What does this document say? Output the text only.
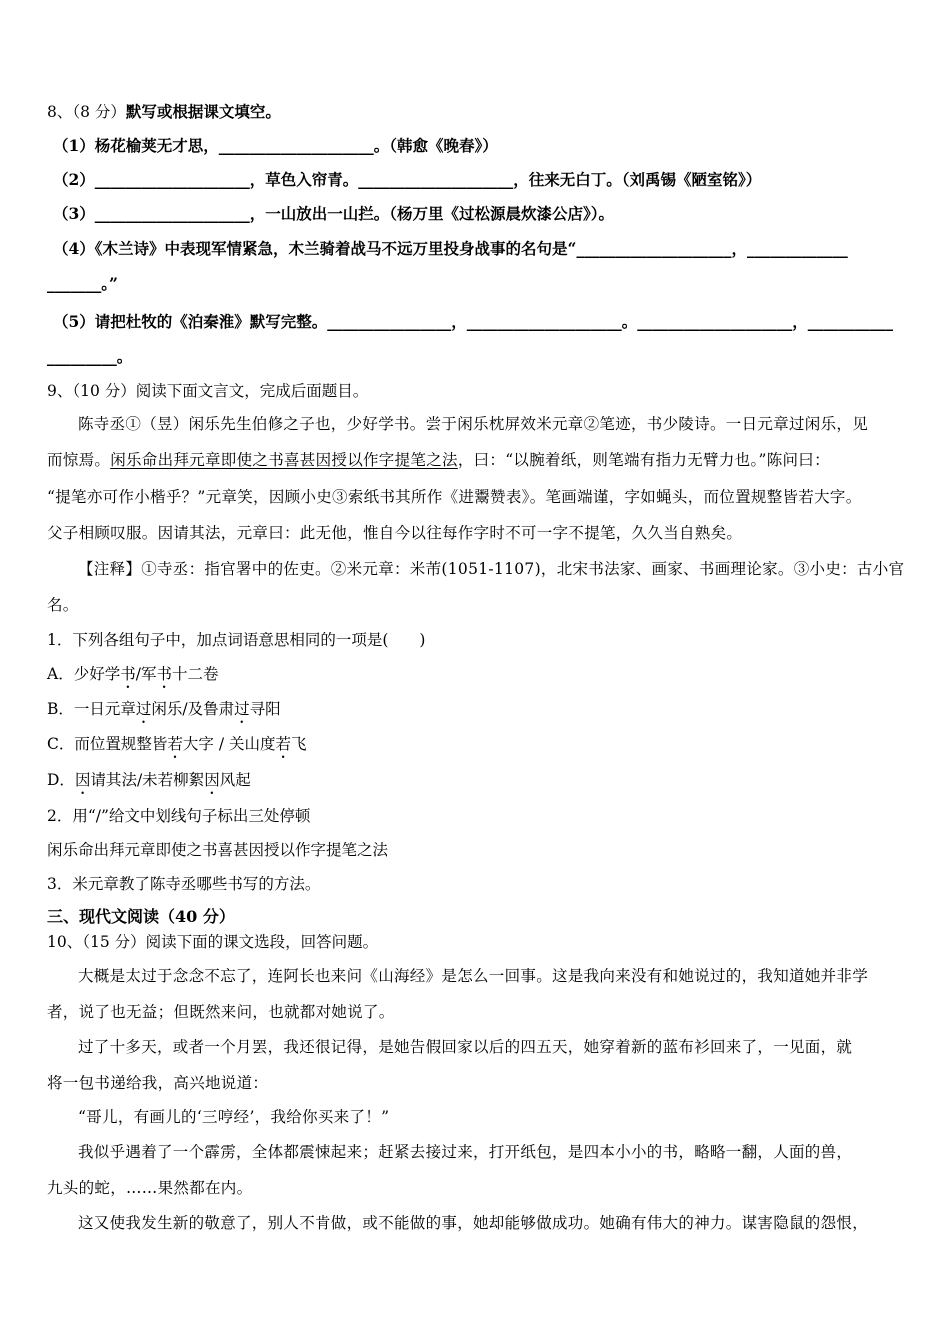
8、（8 分）默写或根据课文填空。
（1）杨花榆荚无才思，____________________。（韩愈《晚春》）
（2）____________________，草色入帘青。____________________，往来无白丁。（刘禹锡《陋室铭》）
（3）____________________，一山放出一山拦。（杨万里《过松源晨炊漆公店》）。
（4）《木兰诗》中表现军情紧急，木兰骑着战马不远万里投身战事的名句是“____________________，_____________
_______。”
（5）请把杜牧的《泊秦淮》默写完整。________________，____________________。____________________，___________
_________。
9、（10 分）阅读下面文言文，完成后面题目。
陈寺丞①（昱）闲乐先生伯修之子也，少好学书。尝于闲乐枕屏效米元章②笔迹，书少陵诗。一日元章过闲乐，见
而惊焉。闲乐命出拜元章即使之书喜甚因授以作字提笔之法，曰：“以腕着纸，则笔端有指力无臂力也。”陈问曰：
“提笔亦可作小楷乎？”元章笑，因顾小史③索纸书其所作《进鬻赞表》。笔画端谨，字如蝇头，而位置规整皆若大字。
父子相顾叹服。因请其法，元章曰：此无他，惟自今以往每作字时不可一字不提笔，久久当自熟矣。
【注释】①寺丞：指官署中的佐吏。②米元章：米芾(1051-1107)，北宋书法家、画家、书画理论家。③小史：古小官
名。
1．下列各组句子中，加点词语意思相同的一项是(　　)
A．少好学书/军书十二卷
B．一日元章过闲乐/及鲁肃过寻阳
C．而位置规整皆若大字 / 关山度若飞
D．因请其法/未若柳絮因风起
2．用“/”给文中划线句子标出三处停顿
闲乐命出拜元章即使之书喜甚因授以作字提笔之法
3．米元章教了陈寺丞哪些书写的方法。
三、现代文阅读（40 分）
10、（15 分）阅读下面的课文选段，回答问题。
大概是太过于念念不忘了，连阿长也来问《山海经》是怎么一回事。这是我向来没有和她说过的，我知道她并非学
者，说了也无益；但既然来问，也就都对她说了。
过了十多天，或者一个月罢，我还很记得，是她告假回家以后的四五天，她穿着新的蓝布衫回来了，一见面，就
将一包书递给我，高兴地说道：
“哥儿，有画儿的‘三哼经’，我给你买来了！”
我似乎遇着了一个霹雳，全体都震悚起来；赶紧去接过来，打开纸包，是四本小小的书，略略一翻，人面的兽，
九头的蛇，……果然都在内。
这又使我发生新的敬意了，别人不肯做，或不能做的事，她却能够做成功。她确有伟大的神力。谋害隐鼠的怨恨，
